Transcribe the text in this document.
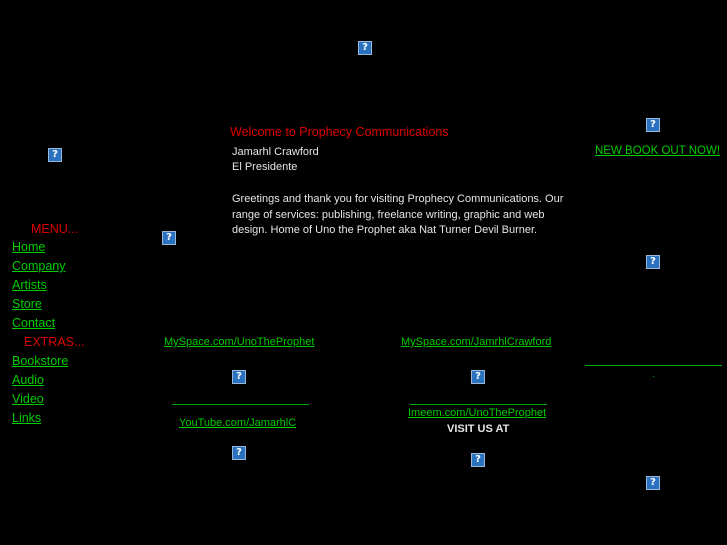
?
?
?
?
?
?
?
?
?
?
MENU...
Home
Company
Artists
Store
Contact
EXTRAS...
Bookstore
Audio
Video
Links
Welcome to Prophecy Communications
Jamarhl Crawford
El Presidente
Greetings and thank you for visiting Prophecy Communications. Our range of services: publishing, freelance writing, graphic and web design. Home of Uno the Prophet aka Nat Turner Devil Burner.
NEW BOOK OUT NOW!
MySpace.com/UnoTheProphet	MySpace.com/JamrhlCrawford
YouTube.com/JamarhlC
Imeem.com/UnoTheProphet
VISIT US AT
